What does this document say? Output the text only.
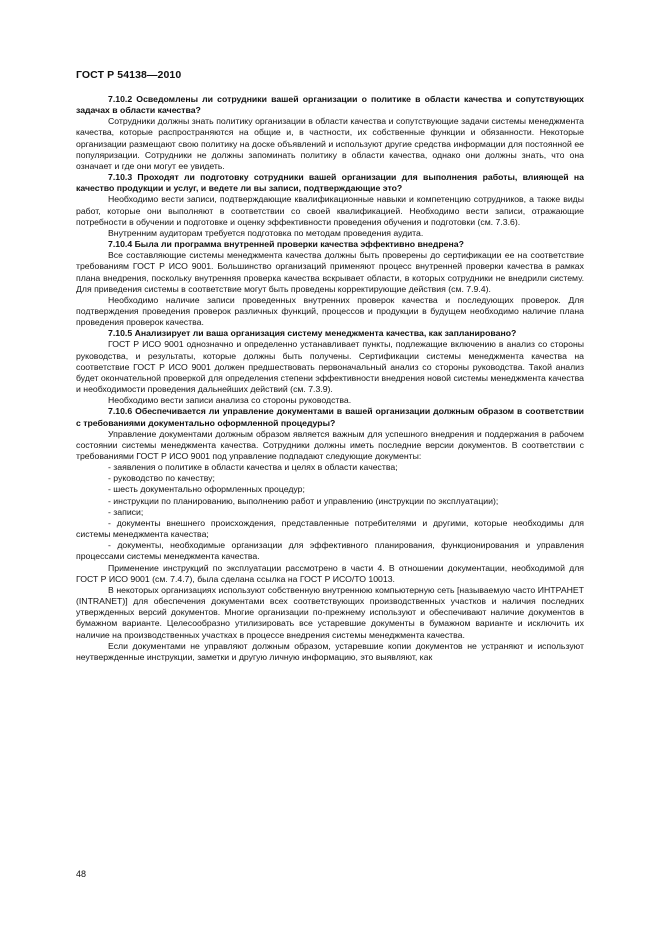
ГОСТ Р 54138—2010

7.10.2 Осведомлены ли сотрудники вашей организации о политике в области качества и сопутствующих задачах в области качества?

Сотрудники должны знать политику организации в области качества и сопутствующие задачи системы менеджмента качества, которые распространяются на общие и, в частности, их собственные функции и обязанности. Некоторые организации размещают свою политику на доске объявлений и используют другие средства информации для постоянной ее популяризации. Сотрудники не должны запоминать политику в области качества, однако они должны знать, что она означает и где они могут ее увидеть.

7.10.3 Проходят ли подготовку сотрудники вашей организации для выполнения работы, влияющей на качество продукции и услуг, и ведете ли вы записи, подтверждающие это?

Необходимо вести записи, подтверждающие квалификационные навыки и компетенцию сотрудников, а также виды работ, которые они выполняют в соответствии со своей квалификацией. Необходимо вести записи, отражающие потребности в обучении и подготовке и оценку эффективности проведения обучения и подготовки (см. 7.3.6).

Внутренним аудиторам требуется подготовка по методам проведения аудита.

7.10.4 Была ли программа внутренней проверки качества эффективно внедрена?

Все составляющие системы менеджмента качества должны быть проверены до сертификации ее на соответствие требованиям ГОСТ Р ИСО 9001. Большинство организаций применяют процесс внутренней проверки качества в рамках плана внедрения, поскольку внутренняя проверка качества вскрывает области, в которых сотрудники не внедрили систему. Для приведения системы в соответствие могут быть проведены корректирующие действия (см. 7.9.4).

Необходимо наличие записи проведенных внутренних проверок качества и последующих проверок. Для подтверждения проведения проверок различных функций, процессов и продукции в будущем необходимо наличие плана проведения проверок качества.

7.10.5 Анализирует ли ваша организация систему менеджмента качества, как запланировано?

ГОСТ Р ИСО 9001 однозначно и определенно устанавливает пункты, подлежащие включению в анализ со стороны руководства, и результаты, которые должны быть получены. Сертификации системы менеджмента качества на соответствие ГОСТ Р ИСО 9001 должен предшествовать первоначальный анализ со стороны руководства. Такой анализ будет окончательной проверкой для определения степени эффективности внедрения новой системы менеджмента качества и необходимости проведения дальнейших действий (см. 7.3.9).

Необходимо вести записи анализа со стороны руководства.

7.10.6 Обеспечивается ли управление документами в вашей организации должным образом в соответствии с требованиями документально оформленной процедуры?

Управление документами должным образом является важным для успешного внедрения и поддержания в рабочем состоянии системы менеджмента качества. Сотрудники должны иметь последние версии документов. В соответствии с требованиями ГОСТ Р ИСО 9001 под управление подпадают следующие документы:

- заявления о политике в области качества и целях в области качества;

- руководство по качеству;

- шесть документально оформленных процедур;

- инструкции по планированию, выполнению работ и управлению (инструкции по эксплуатации);

- записи;

- документы внешнего происхождения, представленные потребителями и другими, которые необходимы для системы менеджмента качества;

- документы, необходимые организации для эффективного планирования, функционирования и управления процессами системы менеджмента качества.

Применение инструкций по эксплуатации рассмотрено в части 4. В отношении документации, необходимой для ГОСТ Р ИСО 9001 (см. 7.4.7), была сделана ссылка на ГОСТ Р ИСО/ТО 10013.

В некоторых организациях используют собственную внутреннюю компьютерную сеть [называемую часто ИНТРАНЕТ (INTRANET)] для обеспечения документами всех соответствующих производственных участков и наличия последних утвержденных версий документов. Многие организации по-прежнему используют и обеспечивают наличие документов в бумажном варианте. Целесообразно утилизировать все устаревшие документы в бумажном варианте и исключить их наличие на производственных участках в процессе внедрения системы менеджмента качества.

Если документами не управляют должным образом, устаревшие копии документов не устраняют и используют неутвержденные инструкции, заметки и другую личную информацию, это выявляют, как

48
